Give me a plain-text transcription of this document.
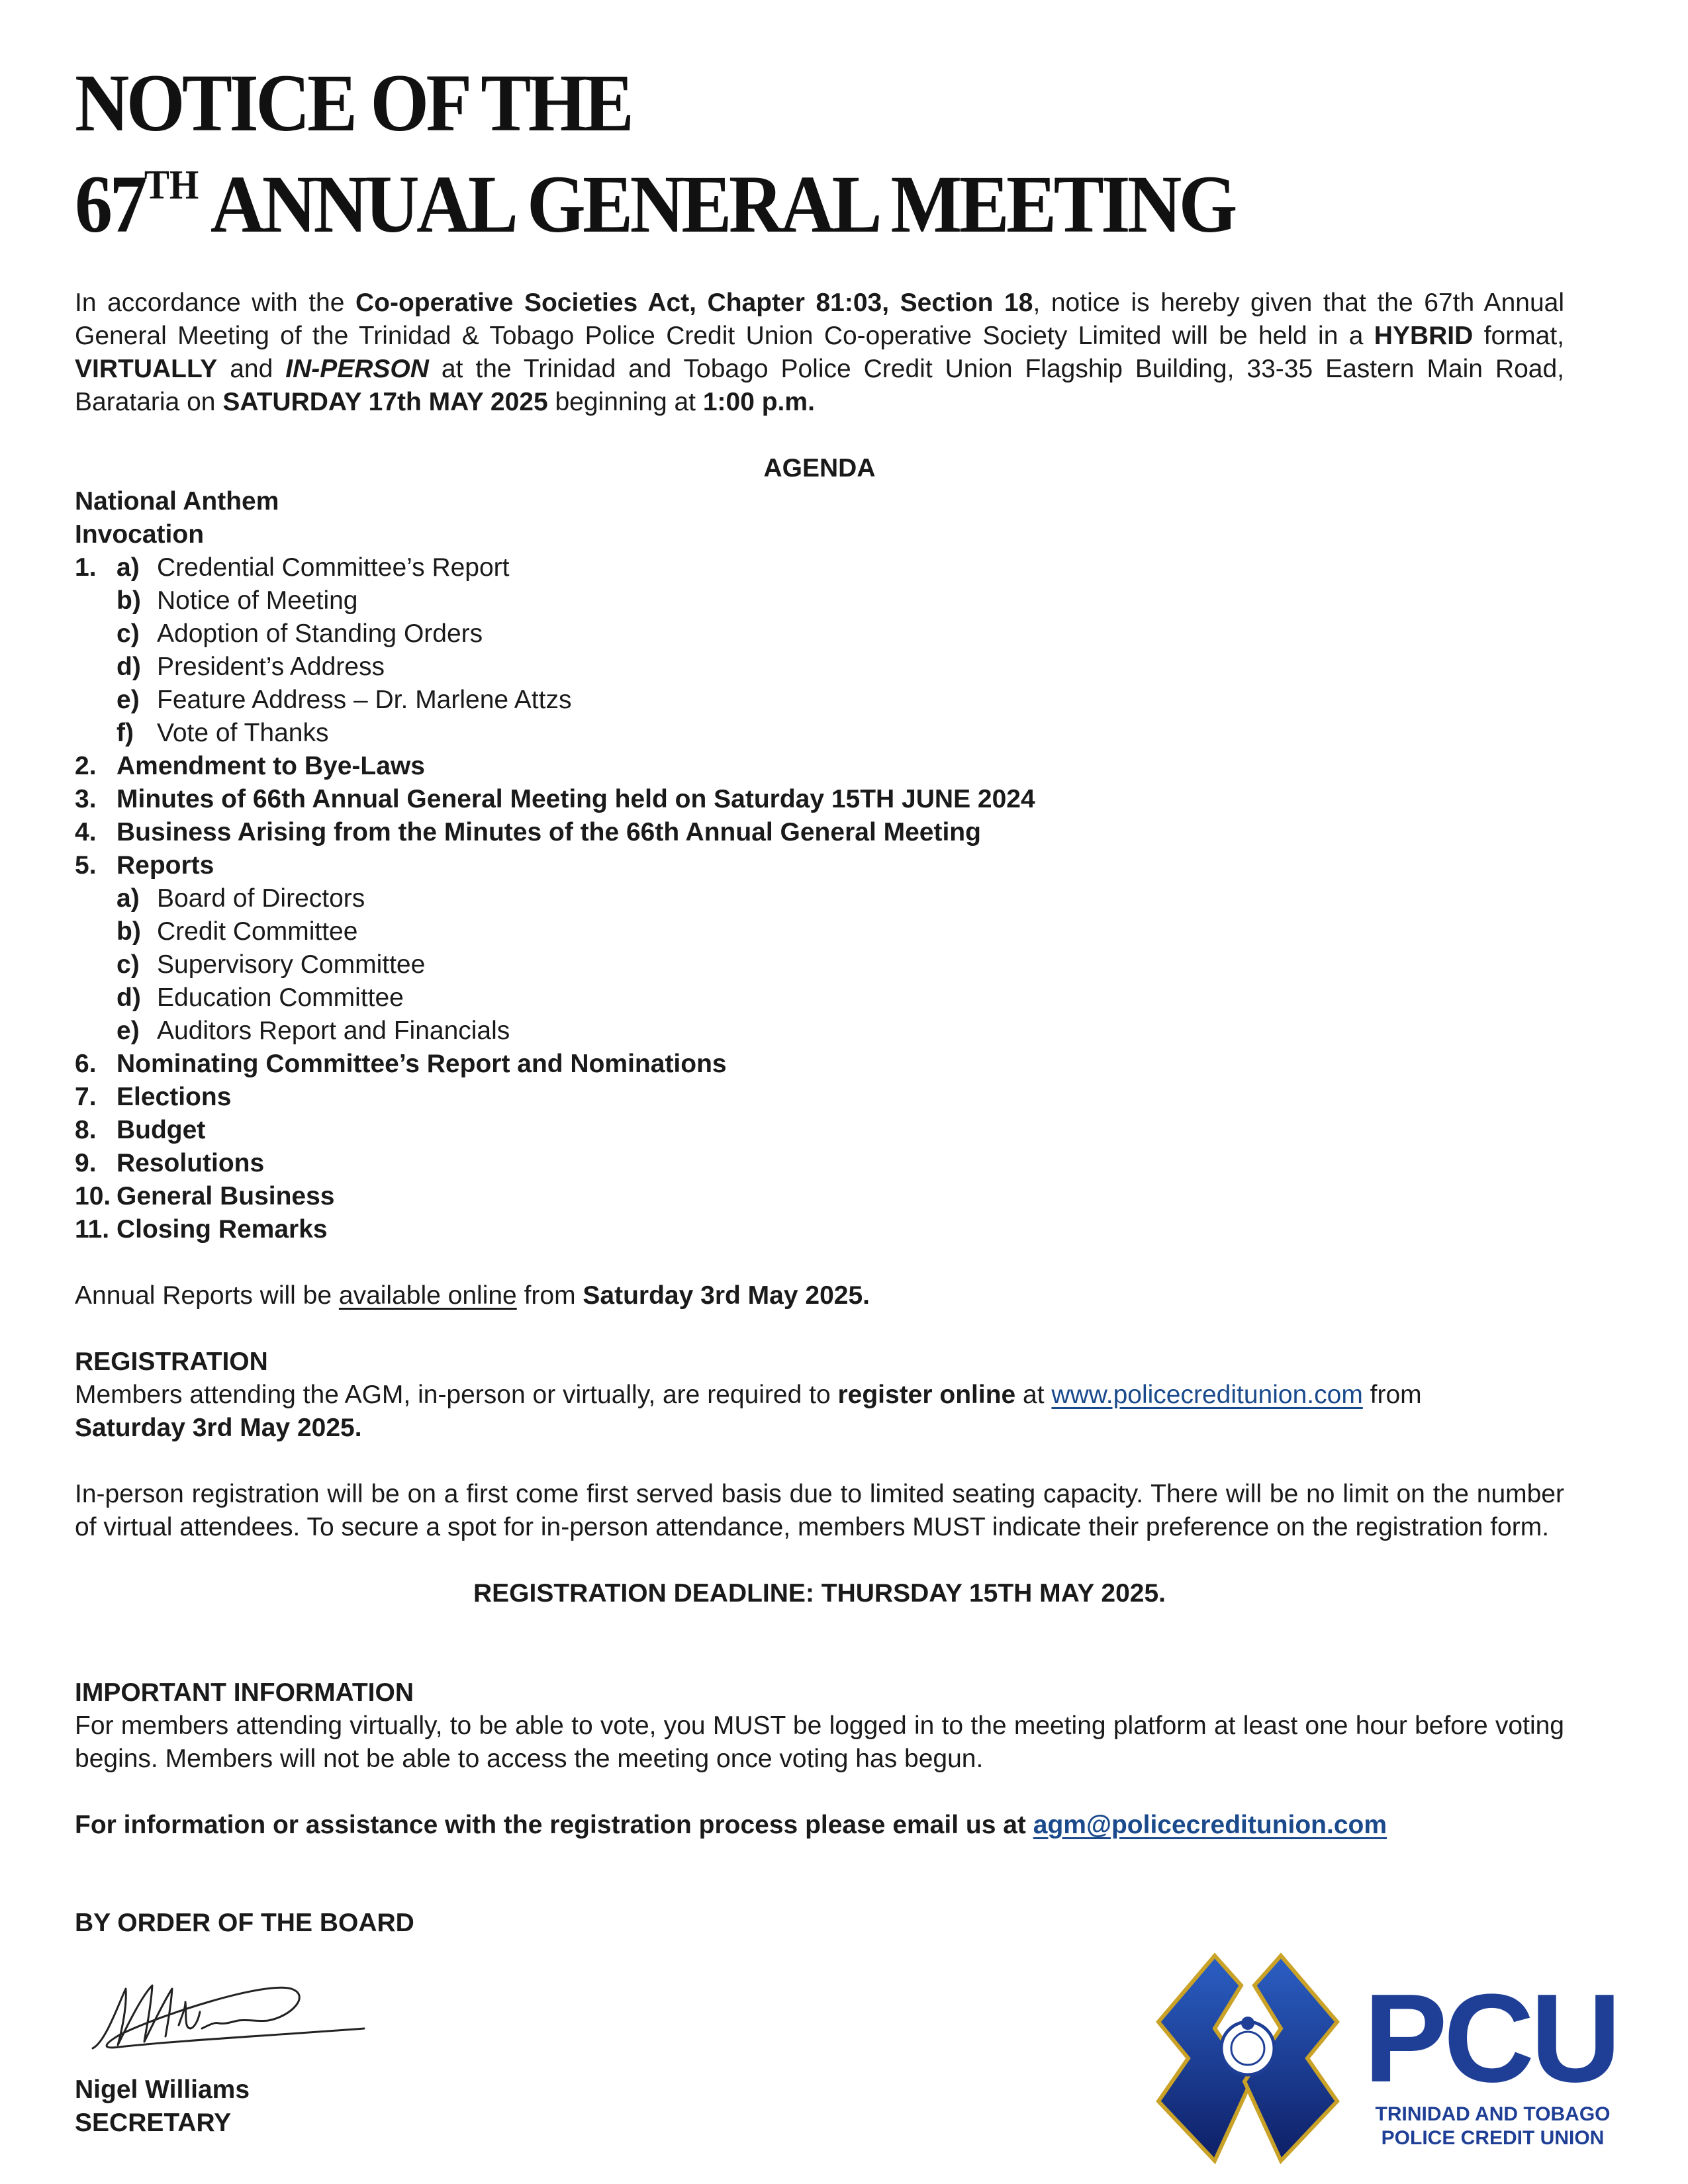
NOTICE OF THE
67TH ANNUAL GENERAL MEETING

In accordance with the Co-operative Societies Act, Chapter 81:03, Section 18, notice is hereby given that the 67th Annual General Meeting of the Trinidad & Tobago Police Credit Union Co-operative Society Limited will be held in a HYBRID format, VIRTUALLY and IN-PERSON at the Trinidad and Tobago Police Credit Union Flagship Building, 33-35 Eastern Main Road, Barataria on SATURDAY 17th MAY 2025 beginning at 1:00 p.m.

AGENDA

National Anthem
Invocation
1. a) Credential Committee’s Report
b) Notice of Meeting
c) Adoption of Standing Orders
d) President’s Address
e) Feature Address – Dr. Marlene Attzs
f) Vote of Thanks
2. Amendment to Bye-Laws
3. Minutes of 66th Annual General Meeting held on Saturday 15TH JUNE 2024
4. Business Arising from the Minutes of the 66th Annual General Meeting
5. Reports
a) Board of Directors
b) Credit Committee
c) Supervisory Committee
d) Education Committee
e) Auditors Report and Financials
6. Nominating Committee’s Report and Nominations
7. Elections
8. Budget
9. Resolutions
10. General Business
11. Closing Remarks

Annual Reports will be available online from Saturday 3rd May 2025.

REGISTRATION

Members attending the AGM, in-person or virtually, are required to register online at www.policecreditunion.com from
Saturday 3rd May 2025.

In-person registration will be on a first come first served basis due to limited seating capacity. There will be no limit on the number of virtual attendees. To secure a spot for in-person attendance, members MUST indicate their preference on the registration form.

REGISTRATION DEADLINE: THURSDAY 15TH MAY 2025.

IMPORTANT INFORMATION

For members attending virtually, to be able to vote, you MUST be logged in to the meeting platform at least one hour before voting begins. Members will not be able to access the meeting once voting has begun.

For information or assistance with the registration process please email us at agm@policecreditunion.com

BY ORDER OF THE BOARD

Nigel Williams
SECRETARY
PCU
TRINIDAD AND TOBAGO
POLICE CREDIT UNION
